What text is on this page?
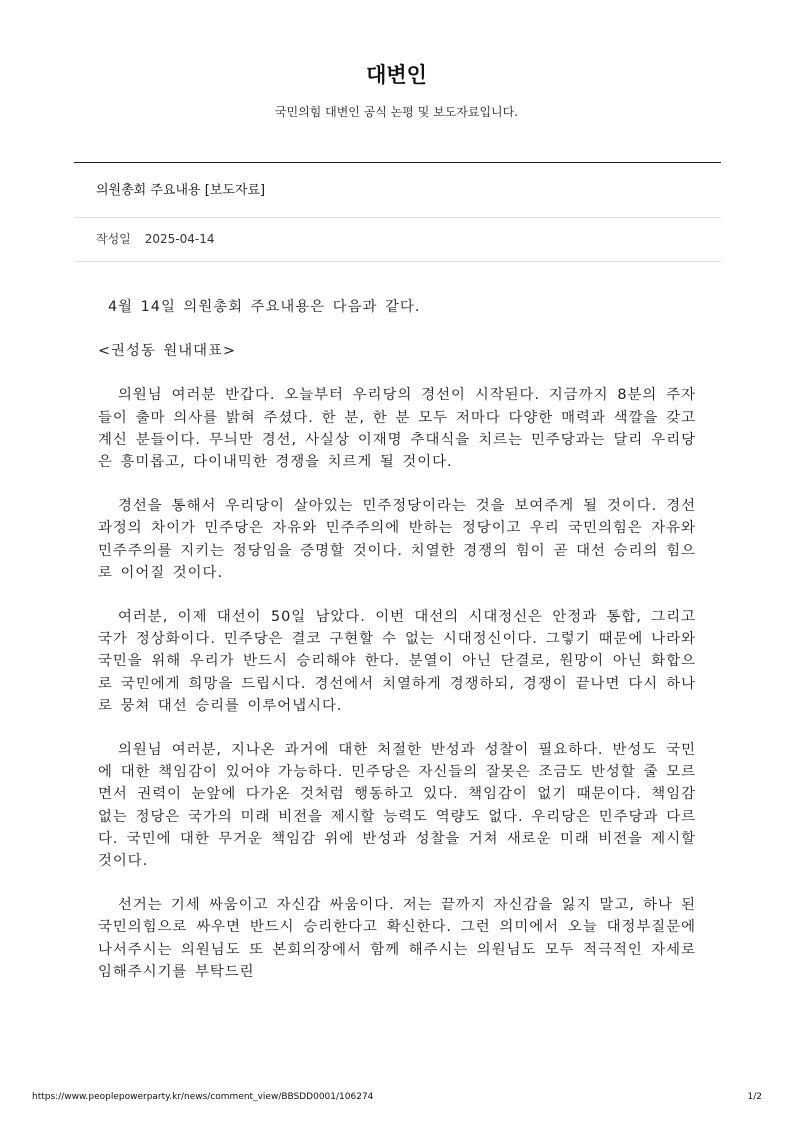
대변인
국민의힘 대변인 공식 논평 및 보도자료입니다.
의원총회 주요내용 [보도자료]
작성일 2025-04-14

4월 14일 의원총회 주요내용은 다음과 같다.

<권성동 원내대표>

의원님 여러분 반갑다. 오늘부터 우리당의 경선이 시작된다. 지금까지 8분의 주자들이 출마 의사를 밝혀 주셨다. 한 분, 한 분 모두 저마다 다양한 매력과 색깔을 갖고 계신 분들이다. 무늬만 경선, 사실상 이재명 추대식을 치르는 민주당과는 달리 우리당은 흥미롭고, 다이내믹한 경쟁을 치르게 될 것이다.

경선을 통해서 우리당이 살아있는 민주정당이라는 것을 보여주게 될 것이다. 경선 과정의 차이가 민주당은 자유와 민주주의에 반하는 정당이고 우리 국민의힘은 자유와 민주주의를 지키는 정당임을 증명할 것이다. 치열한 경쟁의 힘이 곧 대선 승리의 힘으로 이어질 것이다.

여러분, 이제 대선이 50일 남았다. 이번 대선의 시대정신은 안정과 통합, 그리고 국가 정상화이다. 민주당은 결코 구현할 수 없는 시대정신이다. 그렇기 때문에 나라와 국민을 위해 우리가 반드시 승리해야 한다. 분열이 아닌 단결로, 원망이 아닌 화합으로 국민에게 희망을 드립시다. 경선에서 치열하게 경쟁하되, 경쟁이 끝나면 다시 하나로 뭉쳐 대선 승리를 이루어냅시다.

의원님 여러분, 지나온 과거에 대한 처절한 반성과 성찰이 필요하다. 반성도 국민에 대한 책임감이 있어야 가능하다. 민주당은 자신들의 잘못은 조금도 반성할 줄 모르면서 권력이 눈앞에 다가온 것처럼 행동하고 있다. 책임감이 없기 때문이다. 책임감 없는 정당은 국가의 미래 비전을 제시할 능력도 역량도 없다. 우리당은 민주당과 다르다. 국민에 대한 무거운 책임감 위에 반성과 성찰을 거쳐 새로운 미래 비전을 제시할 것이다.

선거는 기세 싸움이고 자신감 싸움이다. 저는 끝까지 자신감을 잃지 말고, 하나 된 국민의힘으로 싸우면 반드시 승리한다고 확신한다. 그런 의미에서 오늘 대정부질문에 나서주시는 의원님도 또 본회의장에서 함께 해주시는 의원님도 모두 적극적인 자세로 임해주시기를 부탁드린

https://www.peoplepowerparty.kr/news/comment_view/BBSDD0001/106274	1/2
